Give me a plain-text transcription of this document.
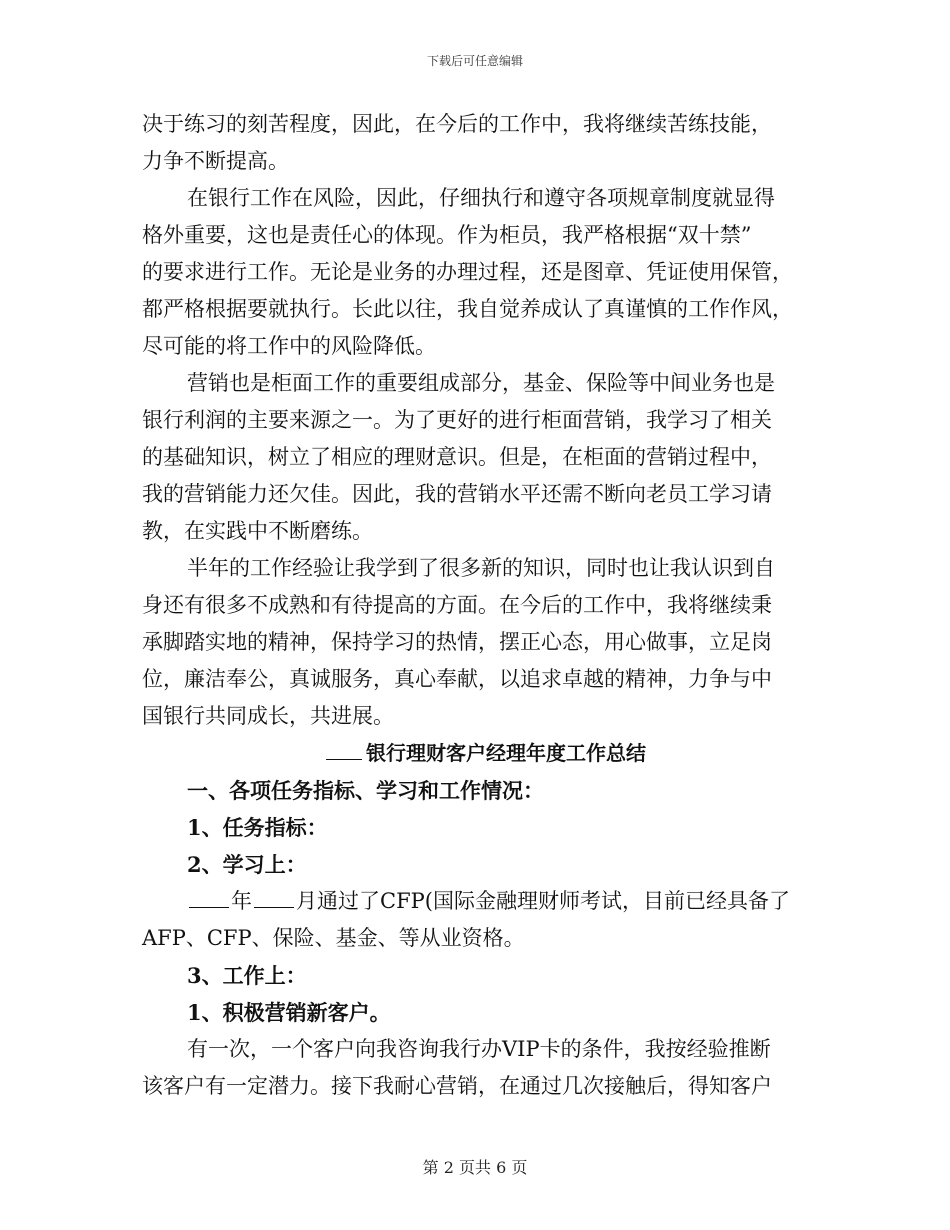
下载后可任意编辑
决于练习的刻苦程度，因此，在今后的工作中，我将继续苦练技能，
力争不断提高。
在银行工作在风险，因此，仔细执行和遵守各项规章制度就显得
格外重要，这也是责任心的体现。作为柜员，我严格根据“双十禁”
的要求进行工作。无论是业务的办理过程，还是图章、凭证使用保管，
都严格根据要就执行。长此以往，我自觉养成认了真谨慎的工作作风，
尽可能的将工作中的风险降低。
营销也是柜面工作的重要组成部分，基金、保险等中间业务也是
银行利润的主要来源之一。为了更好的进行柜面营销，我学习了相关
的基础知识，树立了相应的理财意识。但是，在柜面的营销过程中，
我的营销能力还欠佳。因此，我的营销水平还需不断向老员工学习请
教，在实践中不断磨练。
半年的工作经验让我学到了很多新的知识，同时也让我认识到自
身还有很多不成熟和有待提高的方面。在今后的工作中，我将继续秉
承脚踏实地的精神，保持学习的热情，摆正心态，用心做事，立足岗
位，廉洁奉公，真诚服务，真心奉献，以追求卓越的精神，力争与中
国银行共同成长，共进展。
银行理财客户经理年度工作总结
一、各项任务指标、学习和工作情况：
1、任务指标：
2、学习上：
年 月通过了CFP(国际金融理财师考试，目前已经具备了
AFP、CFP、保险、基金、等从业资格。
3、工作上：
1、积极营销新客户。
有一次，一个客户向我咨询我行办VIP卡的条件，我按经验推断
该客户有一定潜力。接下我耐心营销，在通过几次接触后，得知客户
第 2 页共 6 页
